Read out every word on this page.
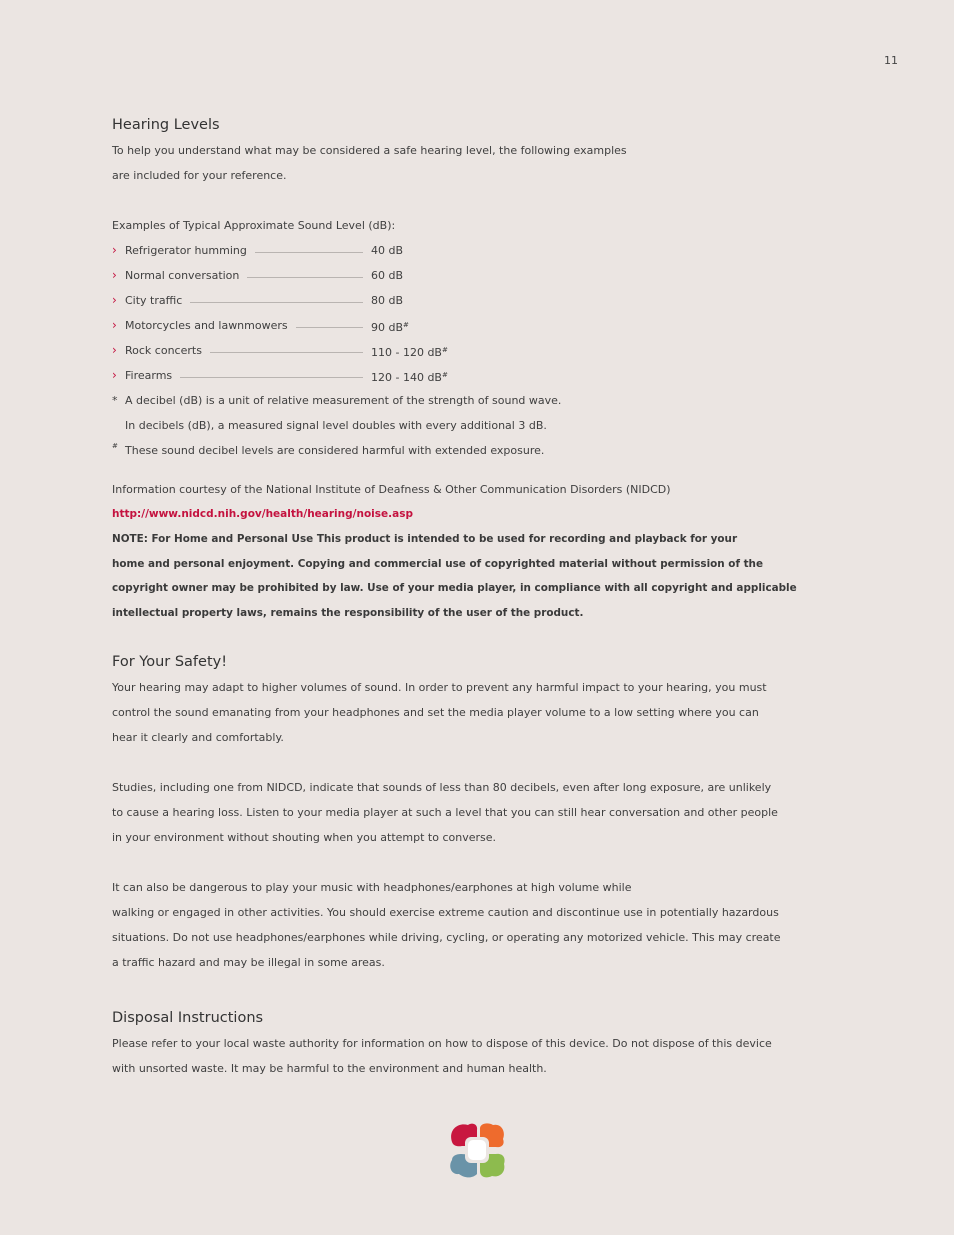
11
Hearing Levels

To help you understand what may be considered a safe hearing level, the following examples

are included for your reference.

Examples of Typical Approximate Sound Level (dB):

› Refrigerator humming	40 dB
› Normal conversation	60 dB
› City traffic	80 dB
› Motorcycles and lawnmowers	90 dB#
› Rock concerts	110 - 120 dB#
› Firearms	120 - 140 dB#
* A decibel (dB) is a unit of relative measurement of the strength of sound wave.
In decibels (dB), a measured signal level doubles with every additional 3 dB.
# These sound decibel levels are considered harmful with extended exposure.

Information courtesy of the National Institute of Deafness & Other Communication Disorders (NIDCD)

http://www.nidcd.nih.gov/health/hearing/noise.asp

NOTE: For Home and Personal Use This product is intended to be used for recording and playback for your

home and personal enjoyment. Copying and commercial use of copyrighted material without permission of the

copyright owner may be prohibited by law. Use of your media player, in compliance with all copyright and applicable

intellectual property laws, remains the responsibility of the user of the product.

For Your Safety!

Your hearing may adapt to higher volumes of sound. In order to prevent any harmful impact to your hearing, you must

control the sound emanating from your headphones and set the media player volume to a low setting where you can

hear it clearly and comfortably.

Studies, including one from NIDCD, indicate that sounds of less than 80 decibels, even after long exposure, are unlikely

to cause a hearing loss. Listen to your media player at such a level that you can still hear conversation and other people

in your environment without shouting when you attempt to converse.

It can also be dangerous to play your music with headphones/earphones at high volume while

walking or engaged in other activities. You should exercise extreme caution and discontinue use in potentially hazardous

situations. Do not use headphones/earphones while driving, cycling, or operating any motorized vehicle. This may create

a traffic hazard and may be illegal in some areas.

Disposal Instructions

Please refer to your local waste authority for information on how to dispose of this device. Do not dispose of this device

with unsorted waste. It may be harmful to the environment and human health.
